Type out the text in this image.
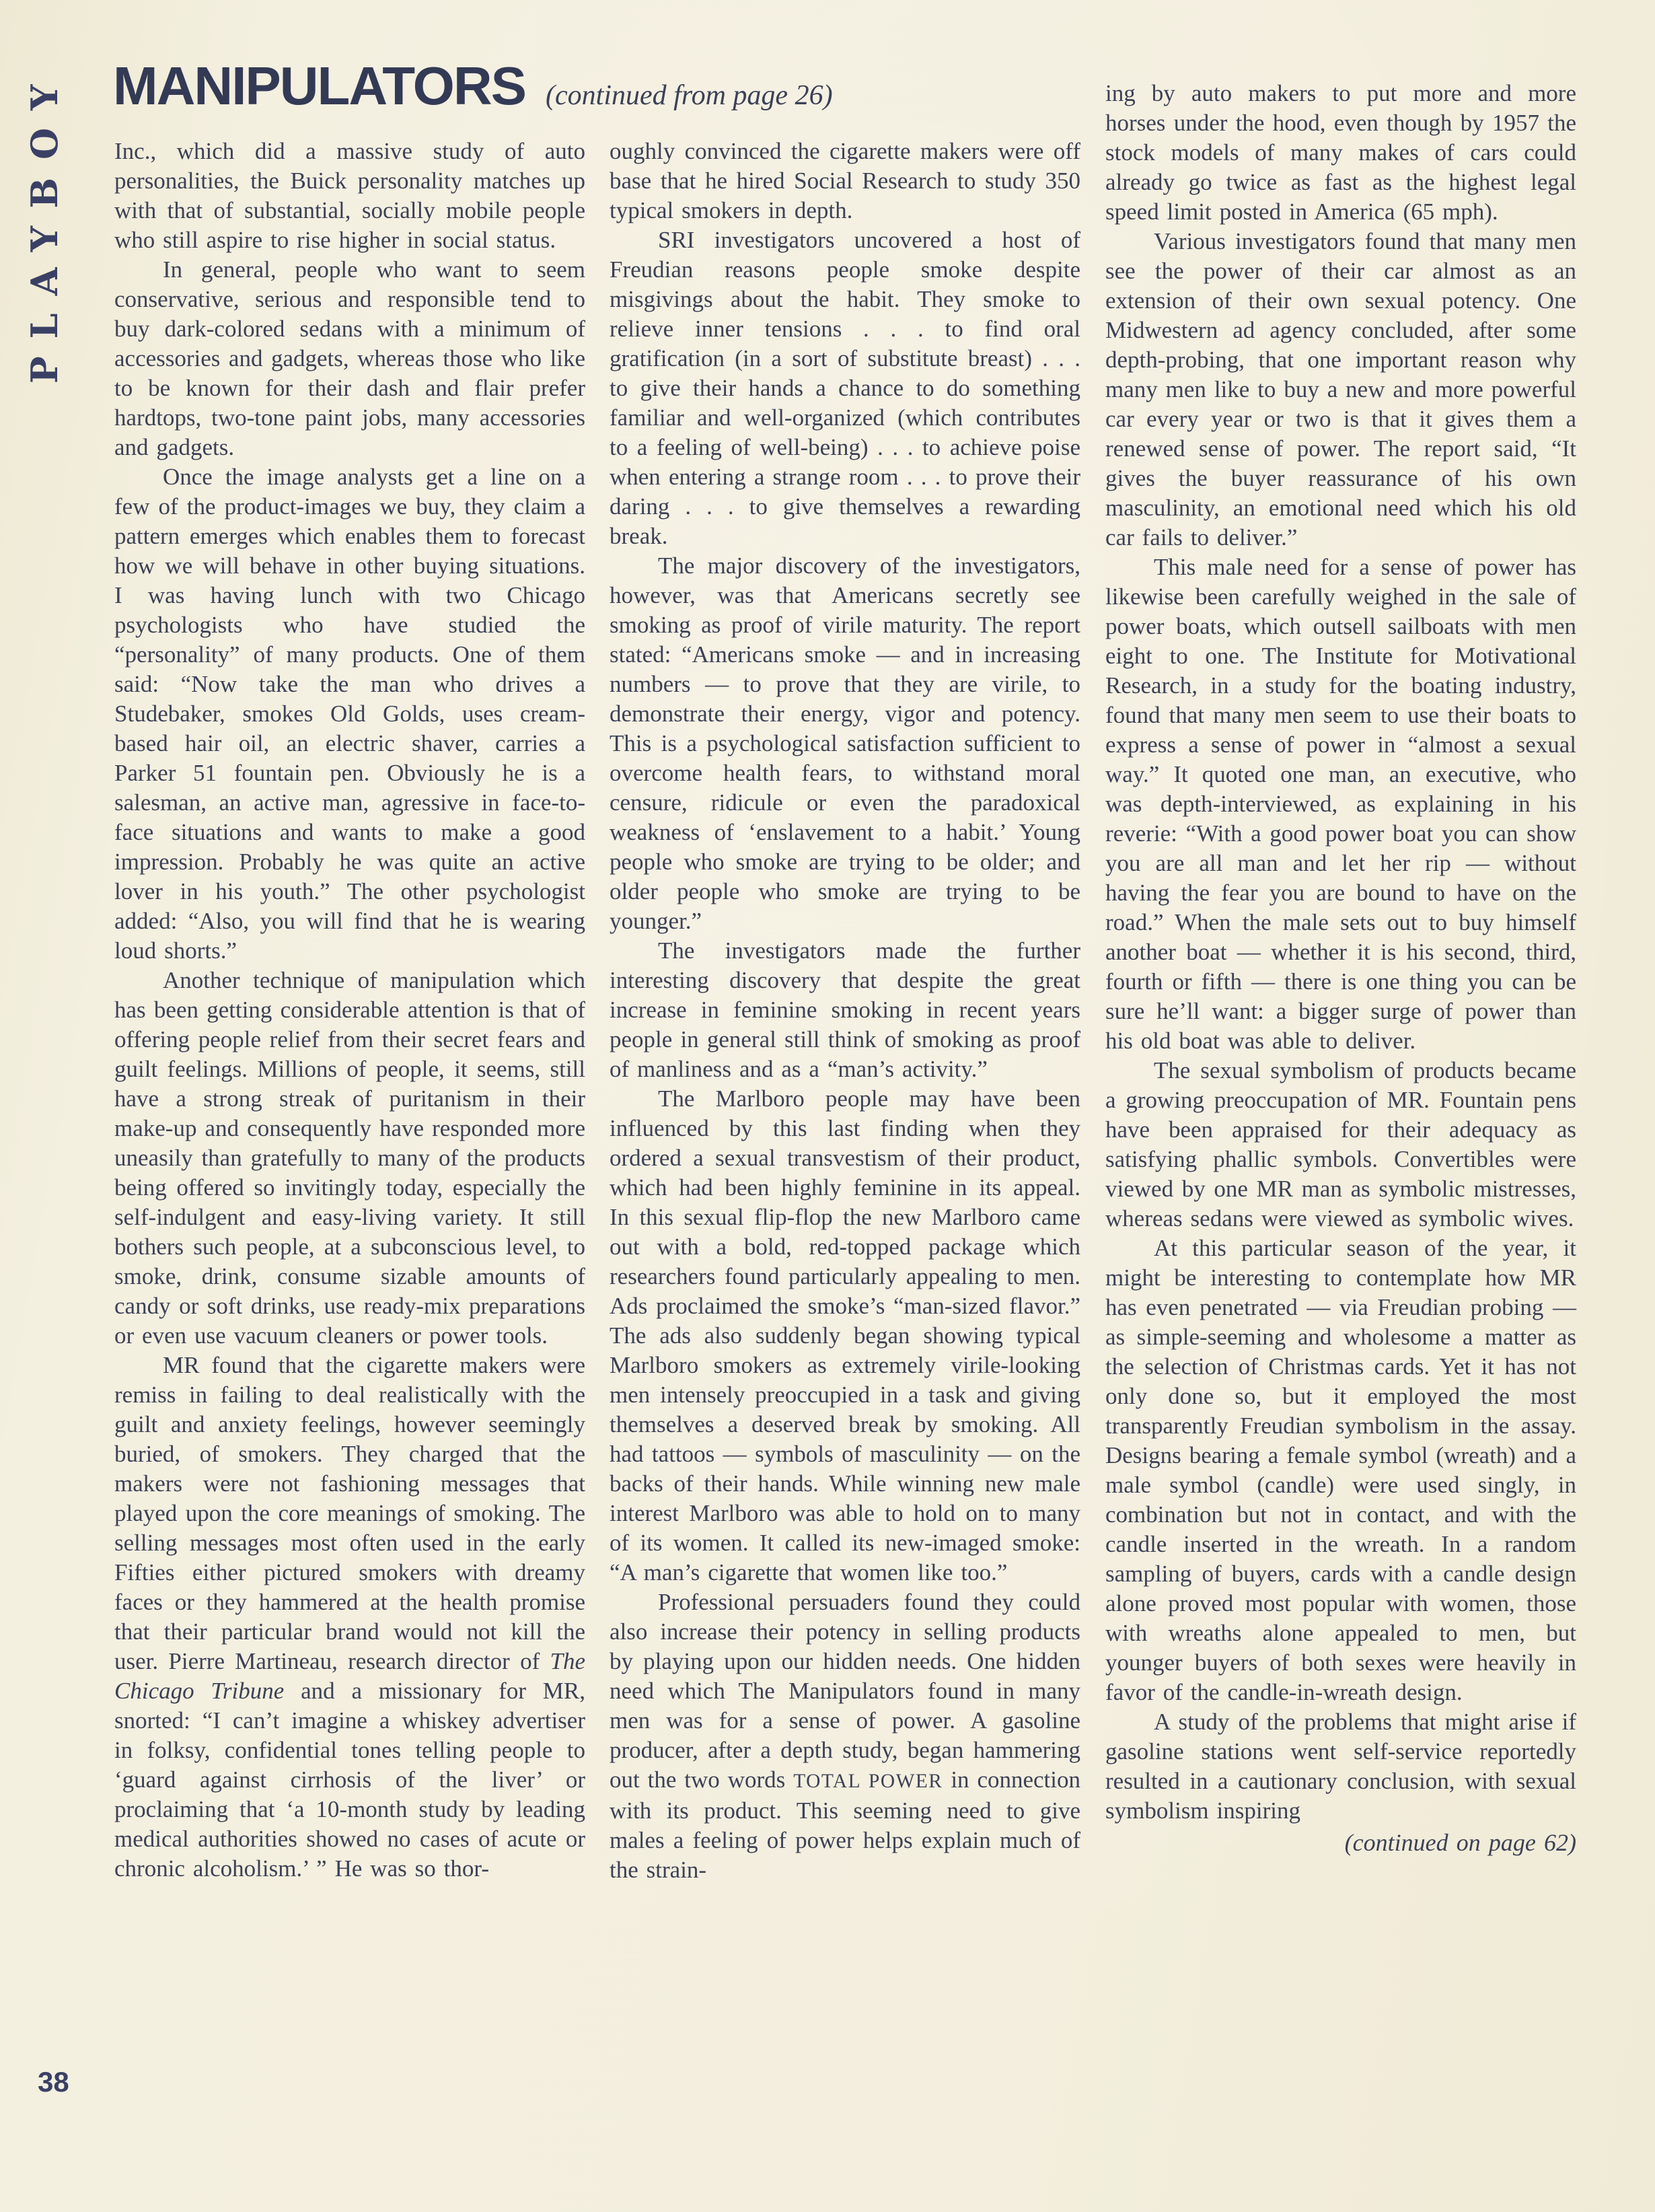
PLAYBOY
38
MANIPULATORS (continued from page 26)

Inc., which did a massive study of auto personalities, the Buick personality matches up with that of substantial, socially mobile people who still aspire to rise higher in social status.

In general, people who want to seem conservative, serious and responsible tend to buy dark-colored sedans with a minimum of accessories and gadgets, whereas those who like to be known for their dash and flair prefer hardtops, two-tone paint jobs, many accessories and gadgets.

Once the image analysts get a line on a few of the product-images we buy, they claim a pattern emerges which enables them to forecast how we will behave in other buying situations. I was having lunch with two Chicago psychologists who have studied the “personality” of many products. One of them said: “Now take the man who drives a Studebaker, smokes Old Golds, uses cream-based hair oil, an electric shaver, carries a Parker 51 fountain pen. Obviously he is a salesman, an active man, agressive in face-to-face situations and wants to make a good impression. Probably he was quite an active lover in his youth.” The other psychologist added: “Also, you will find that he is wearing loud shorts.”

Another technique of manipulation which has been getting considerable attention is that of offering people relief from their secret fears and guilt feelings. Millions of people, it seems, still have a strong streak of puritanism in their make-up and consequently have responded more uneasily than gratefully to many of the products being offered so invitingly today, especially the self-indulgent and easy-living variety. It still bothers such people, at a subconscious level, to smoke, drink, consume sizable amounts of candy or soft drinks, use ready-mix preparations or even use vacuum cleaners or power tools.

MR found that the cigarette makers were remiss in failing to deal realistically with the guilt and anxiety feelings, however seemingly buried, of smokers. They charged that the makers were not fashioning messages that played upon the core meanings of smoking. The selling messages most often used in the early Fifties either pictured smokers with dreamy faces or they hammered at the health promise that their particular brand would not kill the user. Pierre Martineau, research director of The Chicago Tribune and a missionary for MR, snorted: “I can’t imagine a whiskey advertiser in folksy, confidential tones telling people to ‘guard against cirrhosis of the liver’ or proclaiming that ‘a 10-month study by leading medical authorities showed no cases of acute or chronic alcoholism.’ ” He was so thor-

oughly convinced the cigarette makers were off base that he hired Social Research to study 350 typical smokers in depth.

SRI investigators uncovered a host of Freudian reasons people smoke despite misgivings about the habit. They smoke to relieve inner tensions . . . to find oral gratification (in a sort of substitute breast) . . . to give their hands a chance to do something familiar and well-organized (which contributes to a feeling of well-being) . . . to achieve poise when entering a strange room . . . to prove their daring . . . to give themselves a rewarding break.

The major discovery of the investigators, however, was that Americans secretly see smoking as proof of virile maturity. The report stated: “Americans smoke — and in increasing numbers — to prove that they are virile, to demonstrate their energy, vigor and potency. This is a psychological satisfaction sufficient to overcome health fears, to withstand moral censure, ridicule or even the paradoxical weakness of ‘enslavement to a habit.’ Young people who smoke are trying to be older; and older people who smoke are trying to be younger.”

The investigators made the further interesting discovery that despite the great increase in feminine smoking in recent years people in general still think of smoking as proof of manliness and as a “man’s activity.”

The Marlboro people may have been influenced by this last finding when they ordered a sexual transvestism of their product, which had been highly feminine in its appeal. In this sexual flip-flop the new Marlboro came out with a bold, red-topped package which researchers found particularly appealing to men. Ads proclaimed the smoke’s “man-sized flavor.” The ads also suddenly began showing typical Marlboro smokers as extremely virile-looking men intensely preoccupied in a task and giving themselves a deserved break by smoking. All had tattoos — symbols of masculinity — on the backs of their hands. While winning new male interest Marlboro was able to hold on to many of its women. It called its new-imaged smoke: “A man’s cigarette that women like too.”

Professional persuaders found they could also increase their potency in selling products by playing upon our hidden needs. One hidden need which The Manipulators found in many men was for a sense of power. A gasoline producer, after a depth study, began hammering out the two words TOTAL POWER in connection with its product. This seeming need to give males a feeling of power helps explain much of the strain-

ing by auto makers to put more and more horses under the hood, even though by 1957 the stock models of many makes of cars could already go twice as fast as the highest legal speed limit posted in America (65 mph).

Various investigators found that many men see the power of their car almost as an extension of their own sexual potency. One Midwestern ad agency concluded, after some depth-probing, that one important reason why many men like to buy a new and more powerful car every year or two is that it gives them a renewed sense of power. The report said, “It gives the buyer reassurance of his own masculinity, an emotional need which his old car fails to deliver.”

This male need for a sense of power has likewise been carefully weighed in the sale of power boats, which outsell sailboats with men eight to one. The Institute for Motivational Research, in a study for the boating industry, found that many men seem to use their boats to express a sense of power in “almost a sexual way.” It quoted one man, an executive, who was depth-interviewed, as explaining in his reverie: “With a good power boat you can show you are all man and let her rip — without having the fear you are bound to have on the road.” When the male sets out to buy himself another boat — whether it is his second, third, fourth or fifth — there is one thing you can be sure he’ll want: a bigger surge of power than his old boat was able to deliver.

The sexual symbolism of products became a growing preoccupation of MR. Fountain pens have been appraised for their adequacy as satisfying phallic symbols. Convertibles were viewed by one MR man as symbolic mistresses, whereas sedans were viewed as symbolic wives.

At this particular season of the year, it might be interesting to contemplate how MR has even penetrated — via Freudian probing — as simple-seeming and wholesome a matter as the selection of Christmas cards. Yet it has not only done so, but it employed the most transparently Freudian symbolism in the assay. Designs bearing a female symbol (wreath) and a male symbol (candle) were used singly, in combination but not in contact, and with the candle inserted in the wreath. In a random sampling of buyers, cards with a candle design alone proved most popular with women, those with wreaths alone appealed to men, but younger buyers of both sexes were heavily in favor of the candle-in-wreath design.

A study of the problems that might arise if gasoline stations went self-service reportedly resulted in a cautionary conclusion, with sexual symbolism inspiring

(continued on page 62)
